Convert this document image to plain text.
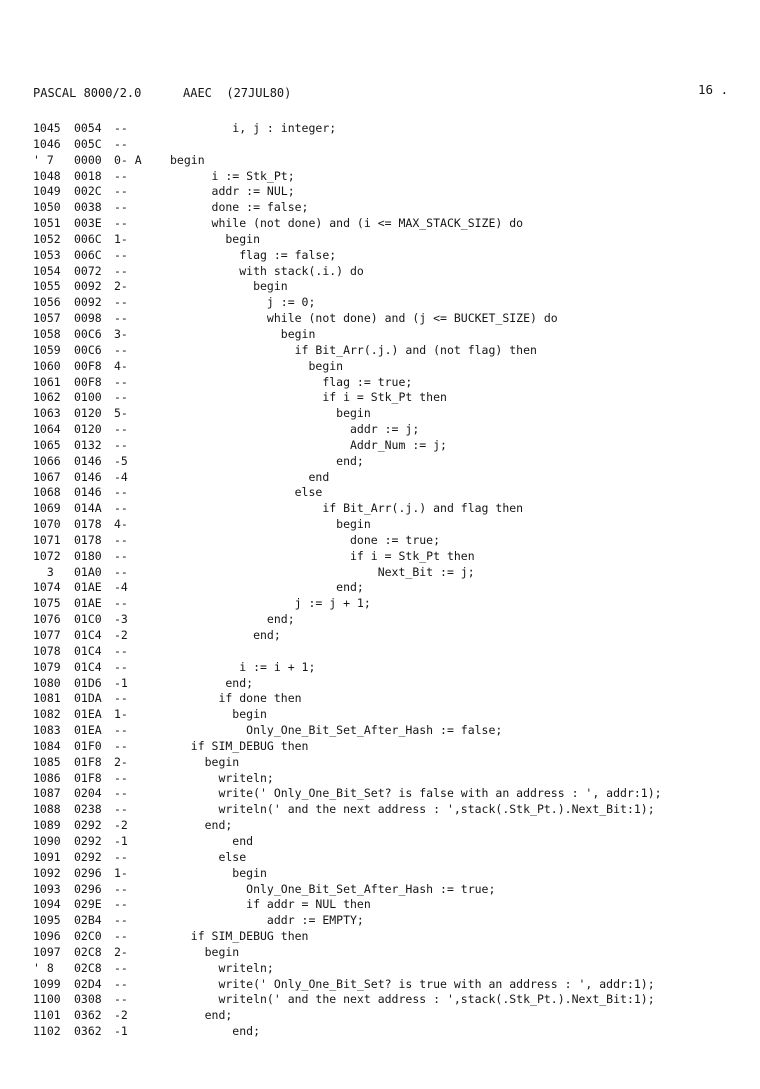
PASCAL 8000/2.0	AAEC  (27JUL80)	16 .
1045 0054 --	i, j : integer;
1046 005C --
' 7 0000 0- A begin
1048 0018 --	i := Stk_Pt;
1049 002C --	addr := NUL;
1050 0038 --	done := false;
1051 003E --	while (not done) and (i <= MAX_STACK_SIZE) do
1052 006C 1-	begin
1053 006C --	flag := false;
1054 0072 --	with stack(.i.) do
1055 0092 2-	begin
1056 0092 --	j := 0;
1057 0098 --	while (not done) and (j <= BUCKET_SIZE) do
1058 00C6 3-	begin
1059 00C6 --	if Bit_Arr(.j.) and (not flag) then
1060 00F8 4-	begin
1061 00F8 --	flag := true;
1062 0100 --	if i = Stk_Pt then
1063 0120 5-	begin
1064 0120 --	addr := j;
1065 0132 --	Addr_Num := j;
1066 0146 -5	end;
1067 0146 -4	end
1068 0146 --	else
1069 014A --	if Bit_Arr(.j.) and flag then
1070 0178 4-	begin
1071 0178 --	done := true;
1072 0180 --	if i = Stk_Pt then
3 01A0 --	Next_Bit := j;
1074 01AE -4	end;
1075 01AE --	j := j + 1;
1076 01C0 -3	end;
1077 01C4 -2	end;
1078 01C4 --
1079 01C4 --	i := i + 1;
1080 01D6 -1	end;
1081 01DA --	if done then
1082 01EA 1-	begin
1083 01EA --	Only_One_Bit_Set_After_Hash := false;
1084 01F0 --	if SIM_DEBUG then
1085 01F8 2-	begin
1086 01F8 --	writeln;
1087 0204 --	write(' Only_One_Bit_Set? is false with an address : ', addr:1);
1088 0238 --	writeln(' and the next address : ',stack(.Stk_Pt.).Next_Bit:1);
1089 0292 -2	end;
1090 0292 -1	end
1091 0292 --	else
1092 0296 1-	begin
1093 0296 --	Only_One_Bit_Set_After_Hash := true;
1094 029E --	if addr = NUL then
1095 02B4 --	addr := EMPTY;
1096 02C0 --	if SIM_DEBUG then
1097 02C8 2-	begin
' 8 02C8 --	writeln;
1099 02D4 --	write(' Only_One_Bit_Set? is true with an address : ', addr:1);
1100 0308 --	writeln(' and the next address : ',stack(.Stk_Pt.).Next_Bit:1);
1101 0362 -2	end;
1102 0362 -1	end;
